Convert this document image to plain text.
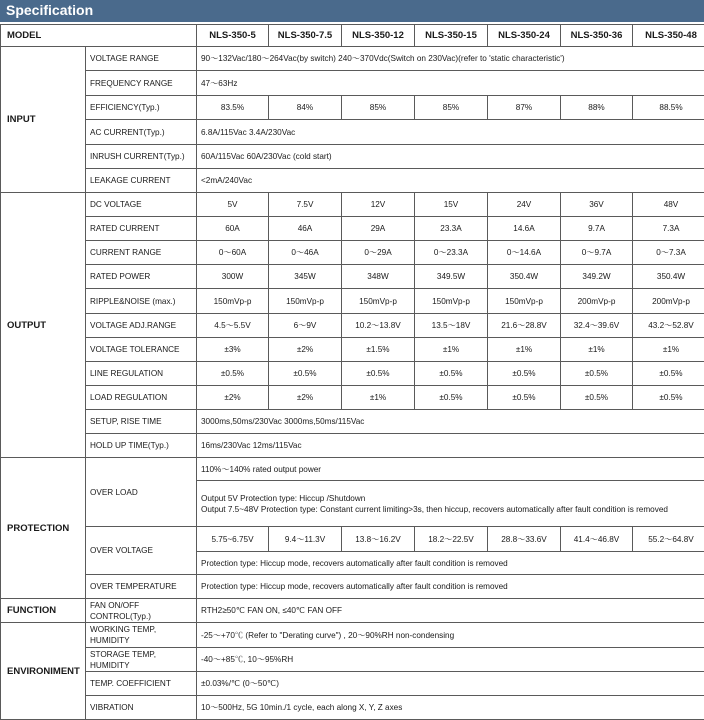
Specification
MODEL		NLS-350-5	NLS-350-7.5	NLS-350-12	NLS-350-15	NLS-350-24	NLS-350-36	NLS-350-48
INPUT	VOLTAGE RANGE	90～132Vac/180～264Vac(by switch) 240～370Vdc(Switch on 230Vac)(refer to 'static characteristic')						
	FREQUENCY RANGE	47～63Hz						
	EFFICIENCY(Typ.)	83.5%	84%	85%	85%	87%	88%	88.5%
	AC CURRENT(Typ.)	6.8A/115Vac 3.4A/230Vac						
	INRUSH CURRENT(Typ.)	60A/115Vac 60A/230Vac (cold start)						
	LEAKAGE CURRENT	<2mA/240Vac						
OUTPUT	DC VOLTAGE	5V	7.5V	12V	15V	24V	36V	48V
	RATED CURRENT	60A	46A	29A	23.3A	14.6A	9.7A	7.3A
	CURRENT RANGE	0～60A	0～46A	0～29A	0～23.3A	0～14.6A	0～9.7A	0～7.3A
	RATED POWER	300W	345W	348W	349.5W	350.4W	349.2W	350.4W
	RIPPLE&NOISE (max.)	150mVp-p	150mVp-p	150mVp-p	150mVp-p	150mVp-p	200mVp-p	200mVp-p
	VOLTAGE ADJ.RANGE	4.5～5.5V	6～9V	10.2～13.8V	13.5～18V	21.6～28.8V	32.4～39.6V	43.2～52.8V
	VOLTAGE TOLERANCE	±3%	±2%	±1.5%	±1%	±1%	±1%	±1%
	LINE REGULATION	±0.5%	±0.5%	±0.5%	±0.5%	±0.5%	±0.5%	±0.5%
	LOAD REGULATION	±2%	±2%	±1%	±0.5%	±0.5%	±0.5%	±0.5%
	SETUP, RISE TIME	3000ms,50ms/230Vac 3000ms,50ms/115Vac						
	HOLD UP TIME(Typ.)	16ms/230Vac 12ms/115Vac						
PROTECTION	OVER LOAD	110%～140% rated output power						

		Output 5V Protection type: Hiccup /Shutdown
Output 7.5~48V Protection type: Constant current limiting>3s, then hiccup, recovers automatically after fault condition is removed						

	OVER VOLTAGE	5.75~6.75V	9.4～11.3V	13.8～16.2V	18.2～22.5V	28.8～33.6V	41.4～46.8V	55.2～64.8V
		Protection type: Hiccup mode, recovers automatically after fault condition is removed						
	OVER TEMPERATURE	Protection type: Hiccup mode, recovers automatically after fault condition is removed						

FUNCTION	FAN ON/OFF CONTROL(Typ.)	RTH2≥50℃ FAN ON, ≤40℃ FAN OFF						
ENVIRONIMENT	WORKING TEMP, HUMIDITY	-25～+70℃ (Refer to "Derating curve") , 20～90%RH non-condensing						
	STORAGE TEMP, HUMIDITY	-40～+85℃, 10～95%RH						
	TEMP. COEFFICIENT	±0.03%/℃ (0～50℃)						
	VIBRATION	10～500Hz, 5G 10min./1 cycle, each along X, Y, Z axes						
